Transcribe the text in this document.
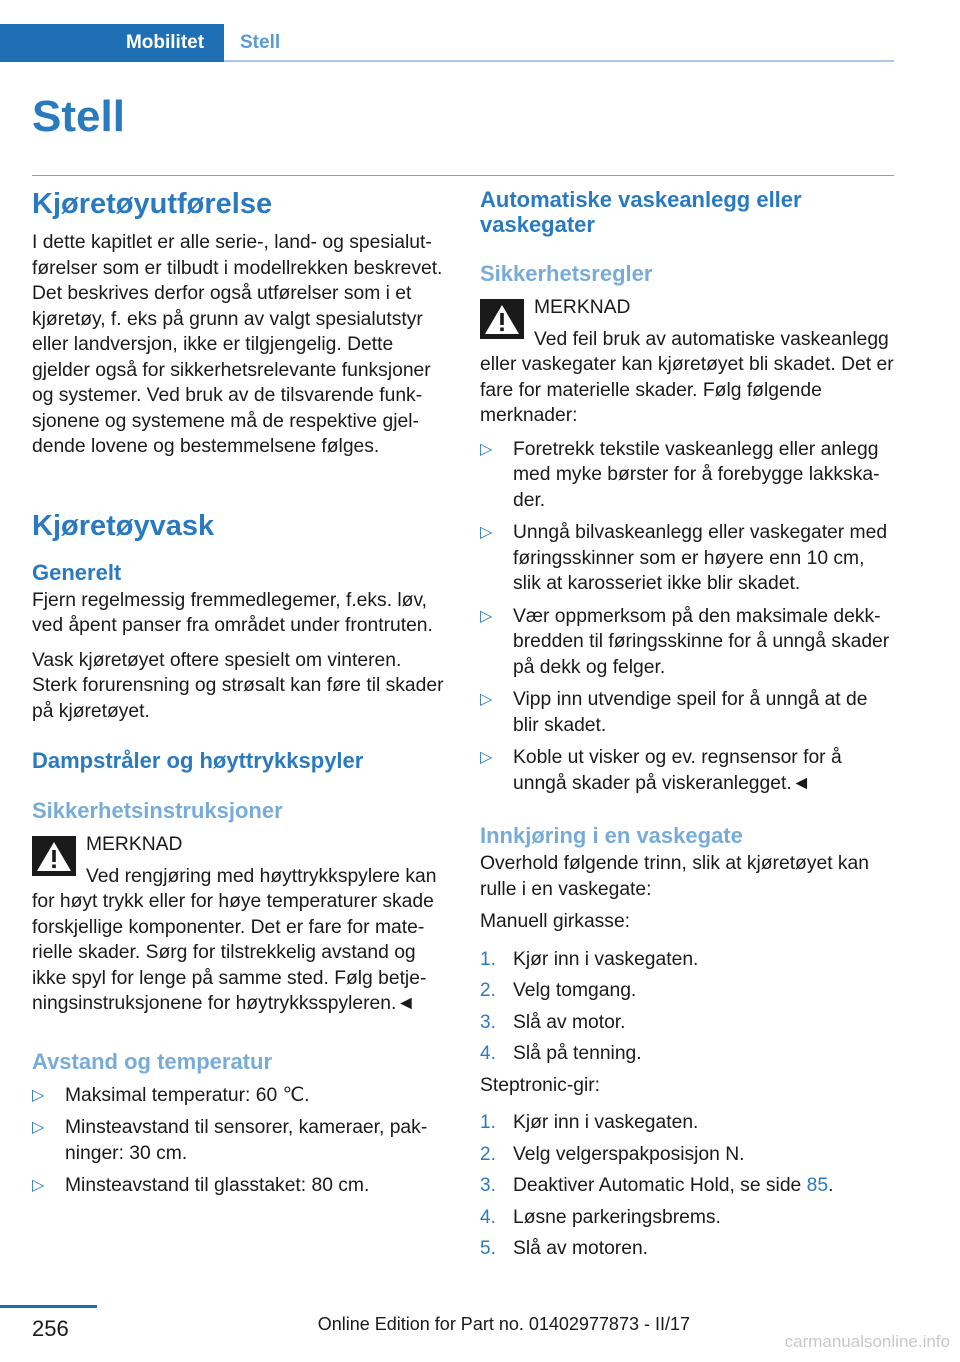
Mobilitet	Stell
Stell
Kjøretøyutførelse

I dette kapitlet er alle serie-, land- og spesialutførelser som er tilbudt i modellrekken beskrevet. Det beskrives derfor også utførelser som i et kjøretøy, f. eks på grunn av valgt spesialutstyr eller landversjon, ikke er tilgjengelig. Dette gjelder også for sikkerhetsrelevante funksjoner og systemer. Ved bruk av de tilsvarende funksjonene og systemene må de respektive gjeldende lovene og bestemmelsene følges.

Kjøretøyvask
Generelt

Fjern regelmessig fremmedlegemer, f.eks. løv, ved åpent panser fra området under frontruten.

Vask kjøretøyet oftere spesielt om vinteren. Sterk forurensning og strøsalt kan føre til skader på kjøretøyet.

Dampstråler og høyttrykkspyler
Sikkerhetsinstruksjoner
MERKNAD
Ved rengjøring med høyttrykkspylere kan
for høyt trykk eller for høye temperaturer skade forskjellige komponenter. Det er fare for materielle skader. Sørg for tilstrekkelig avstand og ikke spyl for lenge på samme sted. Følg betjeningsinstruksjonene for høytrykksspyleren.◄
Avstand og temperatur
▷ Maksimal temperatur: 60 ℃.
▷ Minsteavstand til sensorer, kameraer, pakninger: 30 cm.
▷ Minsteavstand til glasstaket: 80 cm.
Automatiske vaskeanlegg eller vaskegater
Sikkerhetsregler
MERKNAD
Ved feil bruk av automatiske vaskeanlegg
eller vaskegater kan kjøretøyet bli skadet. Det er fare for materielle skader. Følg følgende merknader:
▷ Foretrekk tekstile vaskeanlegg eller anlegg med myke børster for å forebygge lakkskader.
▷ Unngå bilvaskeanlegg eller vaskegater med føringsskinner som er høyere enn 10 cm, slik at karosseriet ikke blir skadet.
▷ Vær oppmerksom på den maksimale dekkbredden til føringsskinne for å unngå skader på dekk og felger.
▷ Vipp inn utvendige speil for å unngå at de blir skadet.
▷ Koble ut visker og ev. regnsensor for å unngå skader på viskeranlegget.◄
Innkjøring i en vaskegate

Overhold følgende trinn, slik at kjøretøyet kan rulle i en vaskegate:

Manuell girkasse:

1. Kjør inn i vaskegaten.
2. Velg tomgang.
3. Slå av motor.
4. Slå på tenning.

Steptronic-gir:

1. Kjør inn i vaskegaten.
2. Velg velgerspakposisjon N.
3. Deaktiver Automatic Hold, se side 85.
4. Løsne parkeringsbrems.
5. Slå av motoren.
256	Online Edition for Part no. 01402977873 - II/17
carmanualsonline.info
